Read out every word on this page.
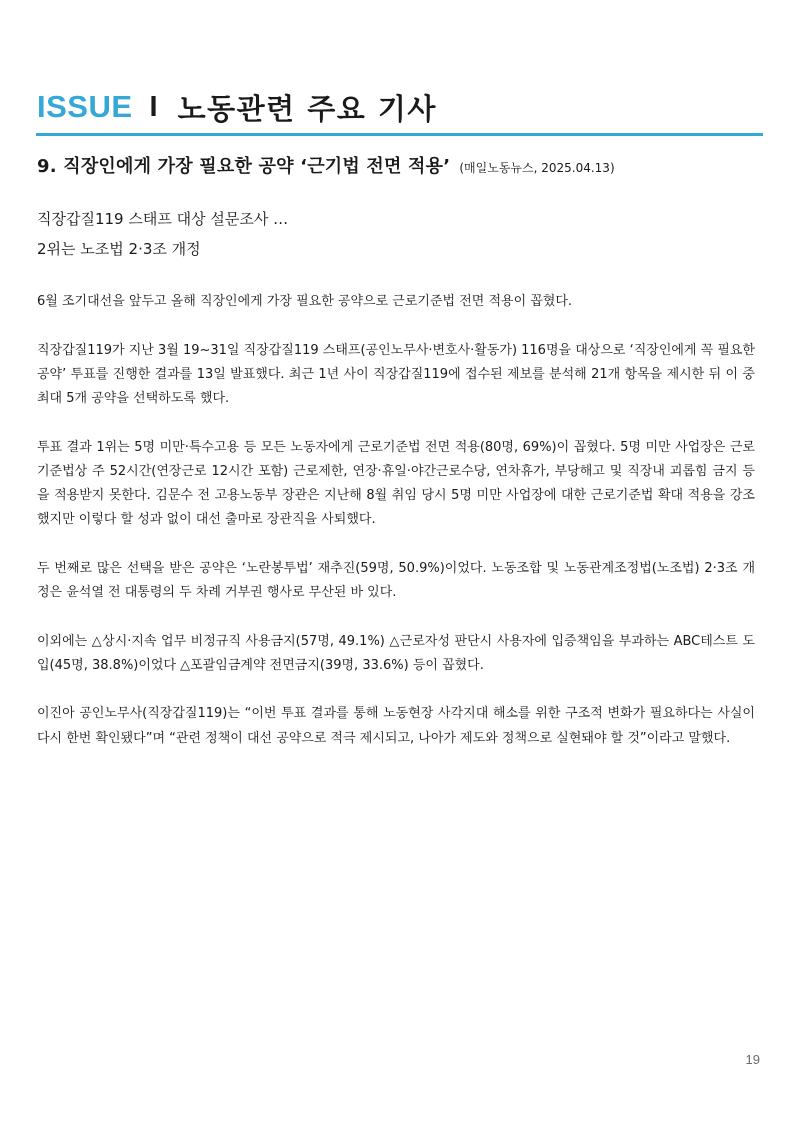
ISSUE I 노동관련 주요 기사
9. 직장인에게 가장 필요한 공약 ‘근기법 전면 적용’ (매일노동뉴스, 2025.04.13)
직장갑질119 스태프 대상 설문조사 …
2위는 노조법 2·3조 개정

6월 조기대선을 앞두고 올해 직장인에게 가장 필요한 공약으로 근로기준법 전면 적용이 꼽혔다.

직장갑질119가 지난 3월 19~31일 직장갑질119 스태프(공인노무사·변호사·활동가) 116명을 대상으로 ‘직장인에게 꼭 필요한 공약’ 투표를 진행한 결과를 13일 발표했다. 최근 1년 사이 직장갑질119에 접수된 제보를 분석해 21개 항목을 제시한 뒤 이 중 최대 5개 공약을 선택하도록 했다.

투표 결과 1위는 5명 미만·특수고용 등 모든 노동자에게 근로기준법 전면 적용(80명, 69%)이 꼽혔다. 5명 미만 사업장은 근로기준법상 주 52시간(연장근로 12시간 포함) 근로제한, 연장·휴일·야간근로수당, 연차휴가, 부당해고 및 직장내 괴롭힘 금지 등을 적용받지 못한다. 김문수 전 고용노동부 장관은 지난해 8월 취임 당시 5명 미만 사업장에 대한 근로기준법 확대 적용을 강조했지만 이렇다 할 성과 없이 대선 출마로 장관직을 사퇴했다.

두 번째로 많은 선택을 받은 공약은 ‘노란봉투법’ 재추진(59명, 50.9%)이었다. 노동조합 및 노동관계조정법(노조법) 2·3조 개정은 윤석열 전 대통령의 두 차례 거부권 행사로 무산된 바 있다.

이외에는 △상시·지속 업무 비정규직 사용금지(57명, 49.1%) △근로자성 판단시 사용자에 입증책임을 부과하는 ABC테스트 도입(45명, 38.8%)이었다 △포괄임금계약 전면금지(39명, 33.6%) 등이 꼽혔다.

이진아 공인노무사(직장갑질119)는 “이번 투표 결과를 통해 노동현장 사각지대 해소를 위한 구조적 변화가 필요하다는 사실이 다시 한번 확인됐다”며 “관련 정책이 대선 공약으로 적극 제시되고, 나아가 제도와 정책으로 실현돼야 할 것”이라고 말했다.

19
